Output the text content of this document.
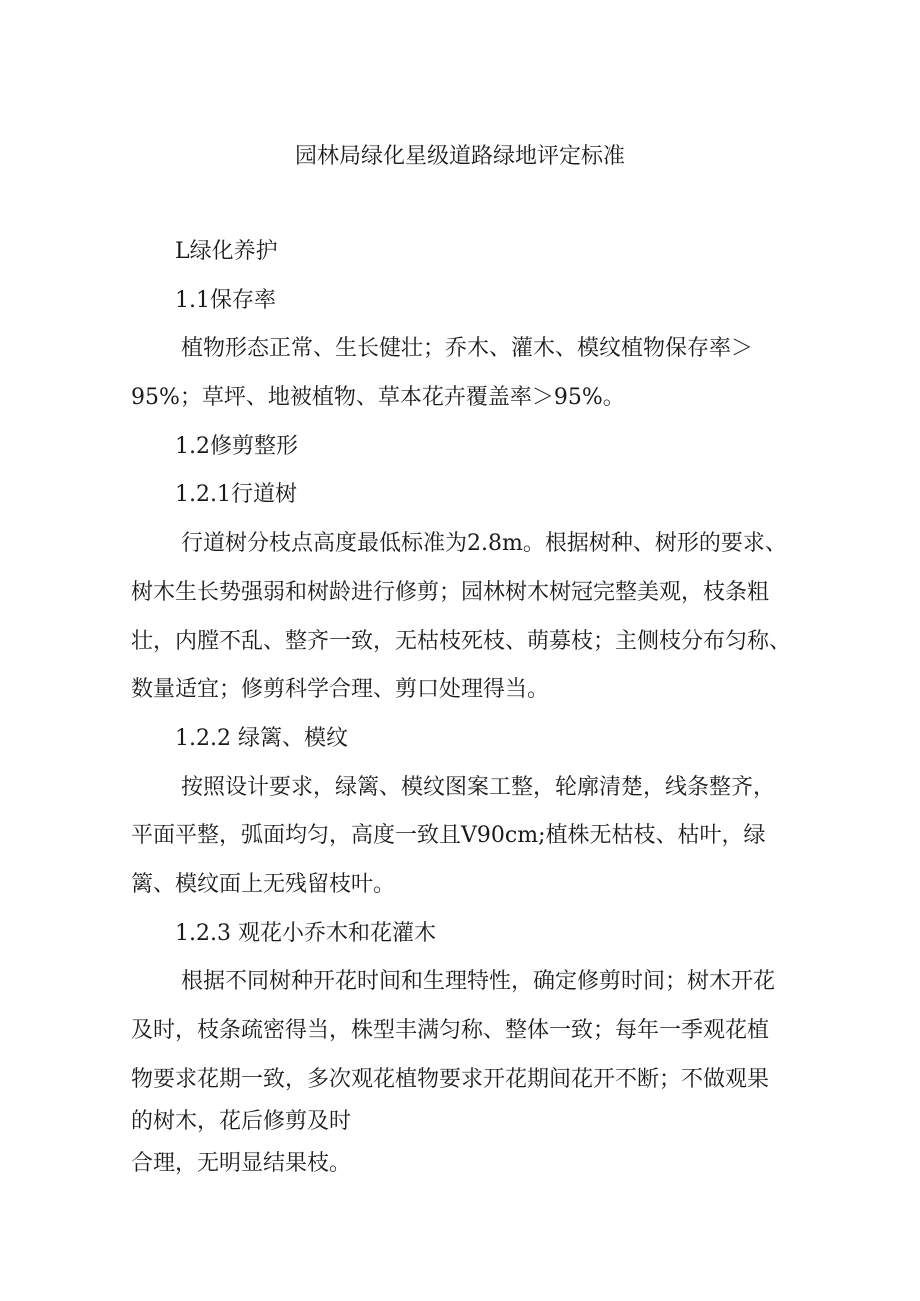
园林局绿化星级道路绿地评定标准
L绿化养护
1.1保存率
植物形态正常、生长健壮；乔木、灌木、模纹植物保存率＞
95%；草坪、地被植物、草本花卉覆盖率＞95%。
1.2修剪整形
1.2.1行道树
行道树分枝点高度最低标准为2.8m。根据树种、树形的要求、
树木生长势强弱和树龄进行修剪；园林树木树冠完整美观，枝条粗
壮，内膛不乱、整齐一致，无枯枝死枝、萌募枝；主侧枝分布匀称、
数量适宜；修剪科学合理、剪口处理得当。
1.2.2 绿篱、模纹
按照设计要求，绿篱、模纹图案工整，轮廓清楚，线条整齐，
平面平整，弧面均匀，高度一致且V90cm;植株无枯枝、枯叶，绿
篱、模纹面上无残留枝叶。
1.2.3 观花小乔木和花灌木
根据不同树种开花时间和生理特性，确定修剪时间；树木开花
及时，枝条疏密得当，株型丰满匀称、整体一致；每年一季观花植
物要求花期一致，多次观花植物要求开花期间花开不断；不做观果
的树木，花后修剪及时
合理，无明显结果枝。
